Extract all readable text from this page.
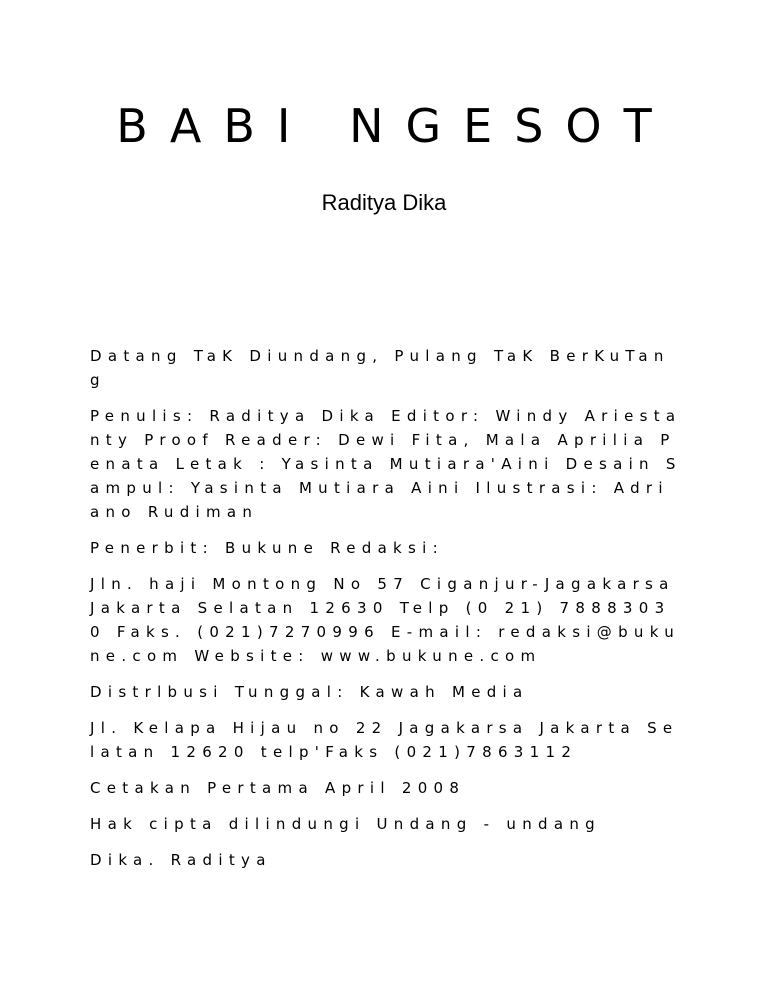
BABI NGESOT
Raditya Dika

Datang TaK Diundang, Pulang TaK BerKuTang

Penulis: Raditya Dika Editor: Windy Ariestanty Proof Reader: Dewi Fita, Mala Aprilia Penata Letak : Yasinta Mutiara'Aini Desain Sampul: Yasinta Mutiara Aini Ilustrasi: Adriano Rudiman

Penerbit: Bukune Redaksi:

Jln. haji Montong No 57 Ciganjur-Jagakarsa Jakarta Selatan 12630 Telp (0 21) 78883030 Faks. (021)7270996 E-mail: redaksi@bukune.com Website: www.bukune.com

Distrlbusi Tunggal: Kawah Media

Jl. Kelapa Hijau no 22 Jagakarsa Jakarta Selatan 12620 telp'Faks (021)7863112

Cetakan Pertama April 2008

Hak cipta dilindungi Undang - undang

Dika. Raditya
